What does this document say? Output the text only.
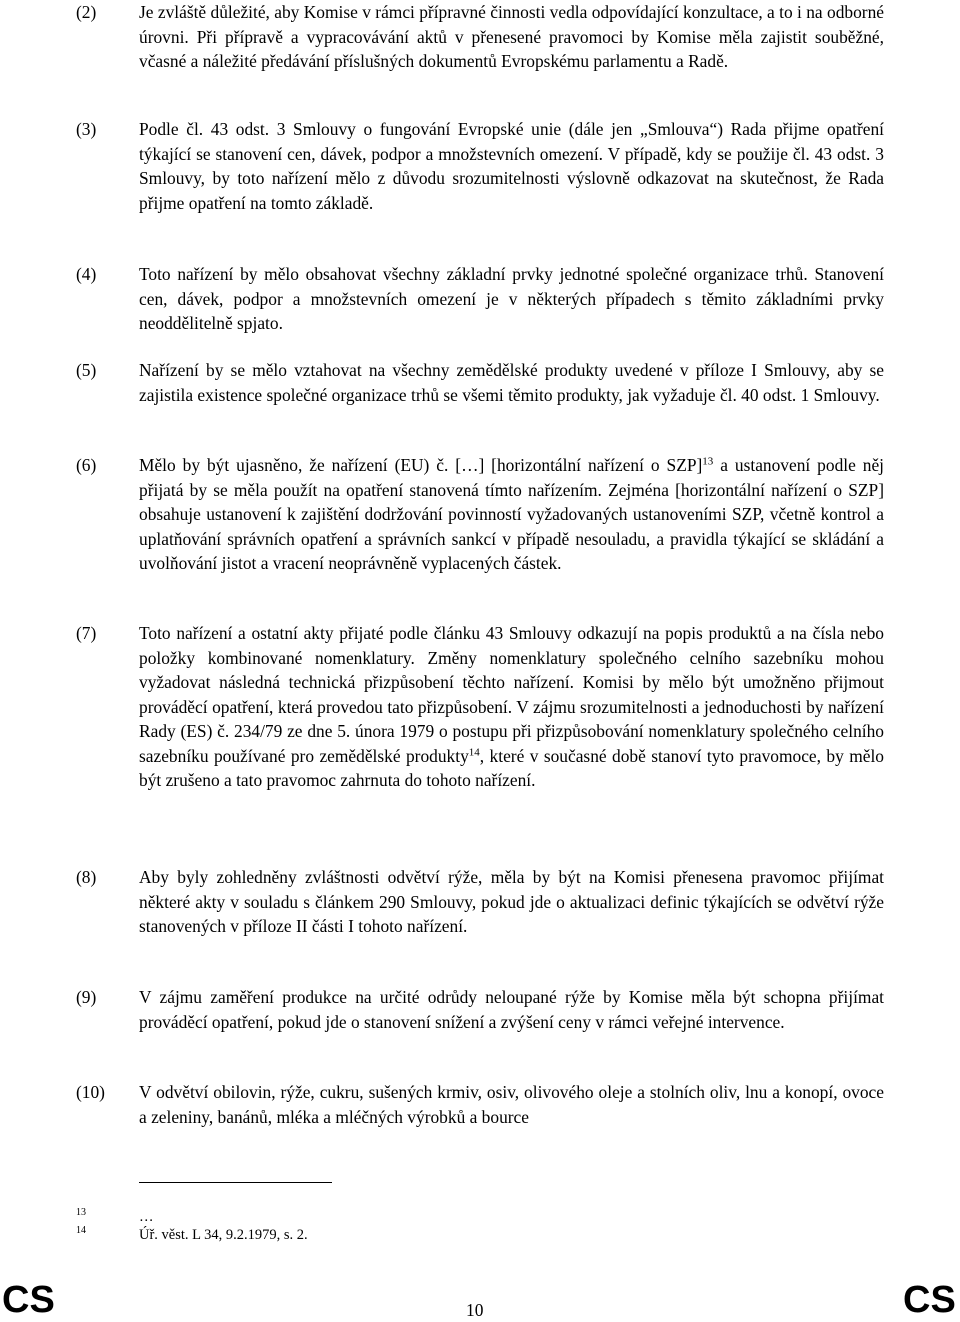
(2) Je zvláště důležité, aby Komise v rámci přípravné činnosti vedla odpovídající konzultace, a to i na odborné úrovni. Při přípravě a vypracovávání aktů v přenesené pravomoci by Komise měla zajistit souběžné, včasné a náležité předávání příslušných dokumentů Evropskému parlamentu a Radě.
(3) Podle čl. 43 odst. 3 Smlouvy o fungování Evropské unie (dále jen „Smlouva“) Rada přijme opatření týkající se stanovení cen, dávek, podpor a množstevních omezení. V případě, kdy se použije čl. 43 odst. 3 Smlouvy, by toto nařízení mělo z důvodu srozumitelnosti výslovně odkazovat na skutečnost, že Rada přijme opatření na tomto základě.
(4) Toto nařízení by mělo obsahovat všechny základní prvky jednotné společné organizace trhů. Stanovení cen, dávek, podpor a množstevních omezení je v některých případech s těmito základními prvky neoddělitelně spjato.
(5) Nařízení by se mělo vztahovat na všechny zemědělské produkty uvedené v příloze I Smlouvy, aby se zajistila existence společné organizace trhů se všemi těmito produkty, jak vyžaduje čl. 40 odst. 1 Smlouvy.
(6) Mělo by být ujasněno, že nařízení (EU) č. […] [horizontální nařízení o SZP]$^{13}$ a ustanovení podle něj přijatá by se měla použít na opatření stanovená tímto nařízením. Zejména [horizontální nařízení o SZP] obsahuje ustanovení k zajištění dodržování povinností vyžadovaných ustanoveními SZP, včetně kontrol a uplatňování správních opatření a správních sankcí v případě nesouladu, a pravidla týkající se skládání a uvolňování jistot a vracení neoprávněně vyplacených částek.
(7) Toto nařízení a ostatní akty přijaté podle článku 43 Smlouvy odkazují na popis produktů a na čísla nebo položky kombinované nomenklatury. Změny nomenklatury společného celního sazebníku mohou vyžadovat následná technická přizpůsobení těchto nařízení. Komisi by mělo být umožněno přijmout prováděcí opatření, která provedou tato přizpůsobení. V zájmu srozumitelnosti a jednoduchosti by nařízení Rady (ES) č. 234/79 ze dne 5. února 1979 o postupu při přizpůsobování nomenklatury společného celního sazebníku používané pro zemědělské produkty$^{14}$, které v současné době stanoví tyto pravomoce, by mělo být zrušeno a tato pravomoc zahrnuta do tohoto nařízení.
(8) Aby byly zohledněny zvláštnosti odvětví rýže, měla by být na Komisi přenesena pravomoc přijímat některé akty v souladu s článkem 290 Smlouvy, pokud jde o aktualizaci definic týkajících se odvětví rýže stanovených v příloze II části I tohoto nařízení.
(9) V zájmu zaměření produkce na určité odrůdy neloupané rýže by Komise měla být schopna přijímat prováděcí opatření, pokud jde o stanovení snížení a zvýšení ceny v rámci veřejné intervence.
(10) V odvětví obilovin, rýže, cukru, sušených krmiv, osiv, olivového oleje a stolních oliv, lnu a konopí, ovoce a zeleniny, banánů, mléka a mléčných výrobků a bource
13	…
14	Úř. věst. L 34, 9.2.1979, s. 2.
CS	10	CS
